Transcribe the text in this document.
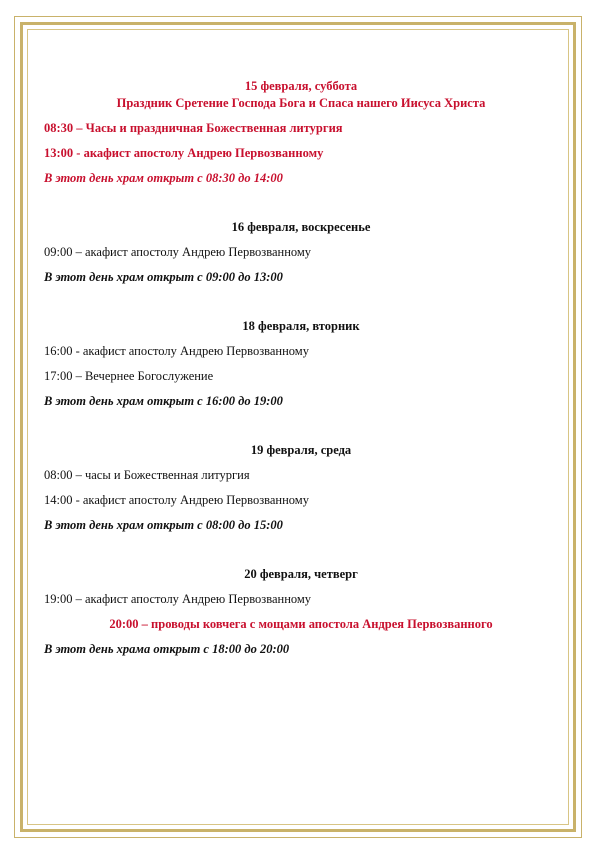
15 февраля, суббота

Праздник Сретение Господа Бога и Спаса нашего Иисуса Христа

08:30 – Часы и праздничная Божественная литургия

13:00 - акафист апостолу Андрею Первозванному

В этот день храм открыт с 08:30 до 14:00

16 февраля, воскресенье

09:00 – акафист апостолу Андрею Первозванному

В этот день храм открыт с 09:00 до 13:00

18 февраля, вторник

16:00 - акафист апостолу Андрею Первозванному

17:00 – Вечернее Богослужение

В этот день храм открыт с 16:00 до 19:00

19 февраля, среда

08:00 – часы и Божественная литургия

14:00 - акафист апостолу Андрею Первозванному

В этот день храм открыт с 08:00 до 15:00

20 февраля, четверг

19:00 – акафист апостолу Андрею Первозванному

20:00 – проводы ковчега с мощами апостола Андрея Первозванного

В этот день храма открыт с 18:00 до 20:00
